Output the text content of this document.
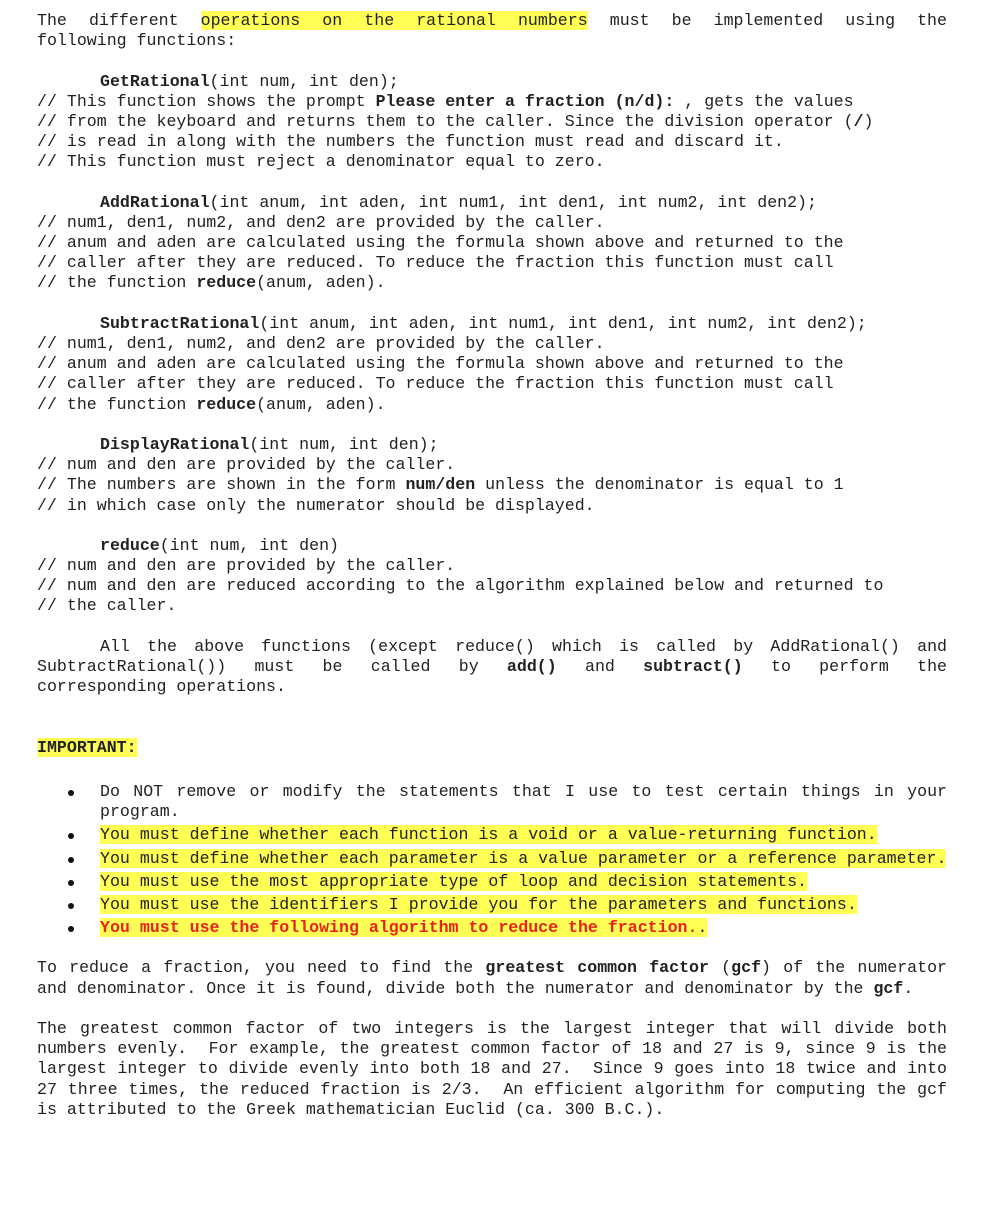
The different operations on the rational numbers must be implemented using the
following functions:
GetRational(int num, int den);
// This function shows the prompt Please enter a fraction (n/d): , gets the values
// from the keyboard and returns them to the caller. Since the division operator (/)
// is read in along with the numbers the function must read and discard it.
// This function must reject a denominator equal to zero.
AddRational(int anum, int aden, int num1, int den1, int num2, int den2);
// num1, den1, num2, and den2 are provided by the caller.
// anum and aden are calculated using the formula shown above and returned to the
// caller after they are reduced. To reduce the fraction this function must call
// the function reduce(anum, aden).
SubtractRational(int anum, int aden, int num1, int den1, int num2, int den2);
// num1, den1, num2, and den2 are provided by the caller.
// anum and aden are calculated using the formula shown above and returned to the
// caller after they are reduced. To reduce the fraction this function must call
// the function reduce(anum, aden).
DisplayRational(int num, int den);
// num and den are provided by the caller.
// The numbers are shown in the form num/den unless the denominator is equal to 1
// in which case only the numerator should be displayed.
reduce(int num, int den)
// num and den are provided by the caller.
// num and den are reduced according to the algorithm explained below and returned to
// the caller.
All the above functions (except reduce() which is called by AddRational() and
SubtractRational()) must be called by add() and subtract() to perform the
corresponding operations.
IMPORTANT:
Do NOT remove or modify the statements that I use to test certain things in your program.
You must define whether each function is a void or a value-returning function.
You must define whether each parameter is a value parameter or a reference parameter.
You must use the most appropriate type of loop and decision statements.
You must use the identifiers I provide you for the parameters and functions.
You must use the following algorithm to reduce the fraction..
To reduce a fraction, you need to find the greatest common factor (gcf) of the numerator and denominator. Once it is found, divide both the numerator and denominator by the gcf.
The greatest common factor of two integers is the largest integer that will divide both numbers evenly.  For example, the greatest common factor of 18 and 27 is 9, since 9 is the largest integer to divide evenly into both 18 and 27.  Since 9 goes into 18 twice and into 27 three times, the reduced fraction is 2/3.  An efficient algorithm for computing the gcf is attributed to the Greek mathematician Euclid (ca. 300 B.C.).
